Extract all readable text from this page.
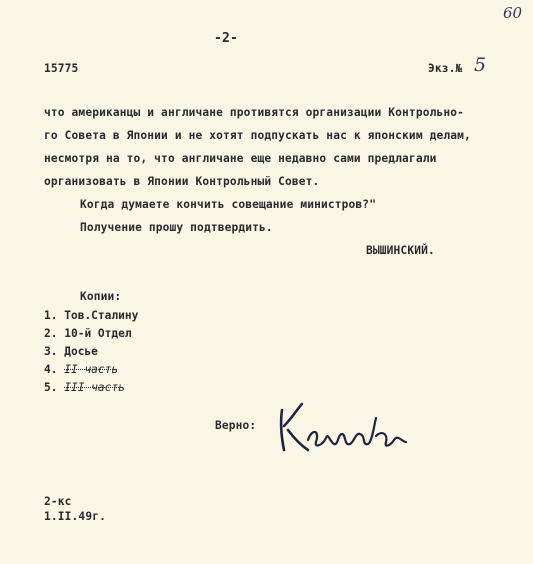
60
-2-
15775	Экз.№ 5
что американцы и англичане противятся организации Контрольно-
го Совета в Японии и не хотят подпускать нас к японским делам,
несмотря на то, что англичане еще недавно сами предлагали
организовать в Японии Контрольный Совет.
Когда думаете кончить совещание министров?"
Получение прошу подтвердить.
ВЫШИНСКИЙ.
Копии:
1. Тов.Сталину
2. 10-й Отдел
3. Досье
4. II часть
5. III часть
Верно:
2-кс
1.II.49г.
